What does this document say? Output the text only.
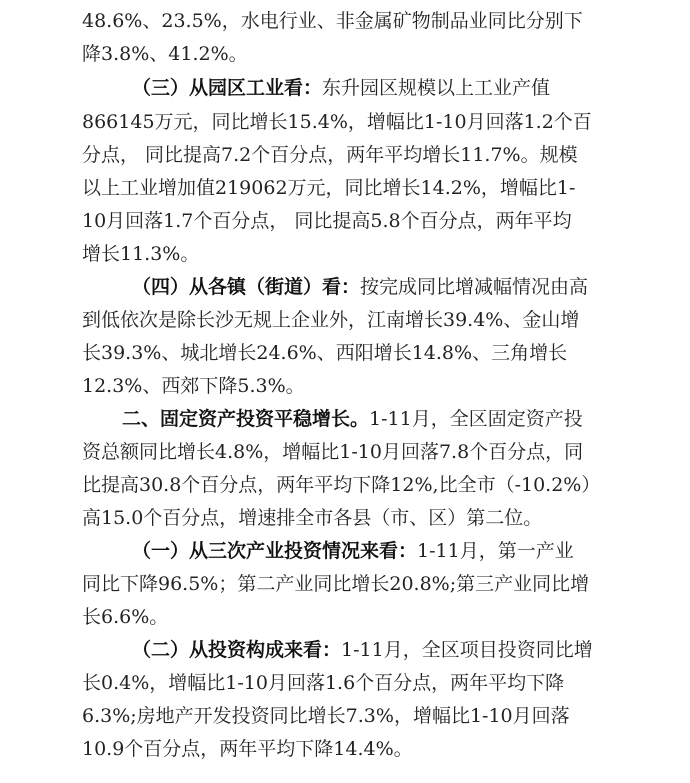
48.6%、23.5%，水电行业、非金属矿物制品业同比分别下
降3.8%、41.2%。
（三）从园区工业看：东升园区规模以上工业产值
866145万元，同比增长15.4%，增幅比1-10月回落1.2个百
分点， 同比提高7.2个百分点，两年平均增长11.7%。规模
以上工业增加值219062万元，同比增长14.2%，增幅比1-
10月回落1.7个百分点， 同比提高5.8个百分点，两年平均
增长11.3%。
（四）从各镇（街道）看：按完成同比增减幅情况由高
到低依次是除长沙无规上企业外，江南增长39.4%、金山增
长39.3%、城北增长24.6%、西阳增长14.8%、三角增长
12.3%、西郊下降5.3%。
二、固定资产投资平稳增长。1-11月，全区固定资产投
资总额同比增长4.8%，增幅比1-10月回落7.8个百分点，同
比提高30.8个百分点，两年平均下降12%,比全市（-10.2%）
高15.0个百分点，增速排全市各县（市、区）第二位。
（一）从三次产业投资情况来看：1-11月，第一产业
同比下降96.5%；第二产业同比增长20.8%;第三产业同比增
长6.6%。
（二）从投资构成来看：1-11月，全区项目投资同比增
长0.4%，增幅比1-10月回落1.6个百分点，两年平均下降
6.3%;房地产开发投资同比增长7.3%，增幅比1-10月回落
10.9个百分点，两年平均下降14.4%。
